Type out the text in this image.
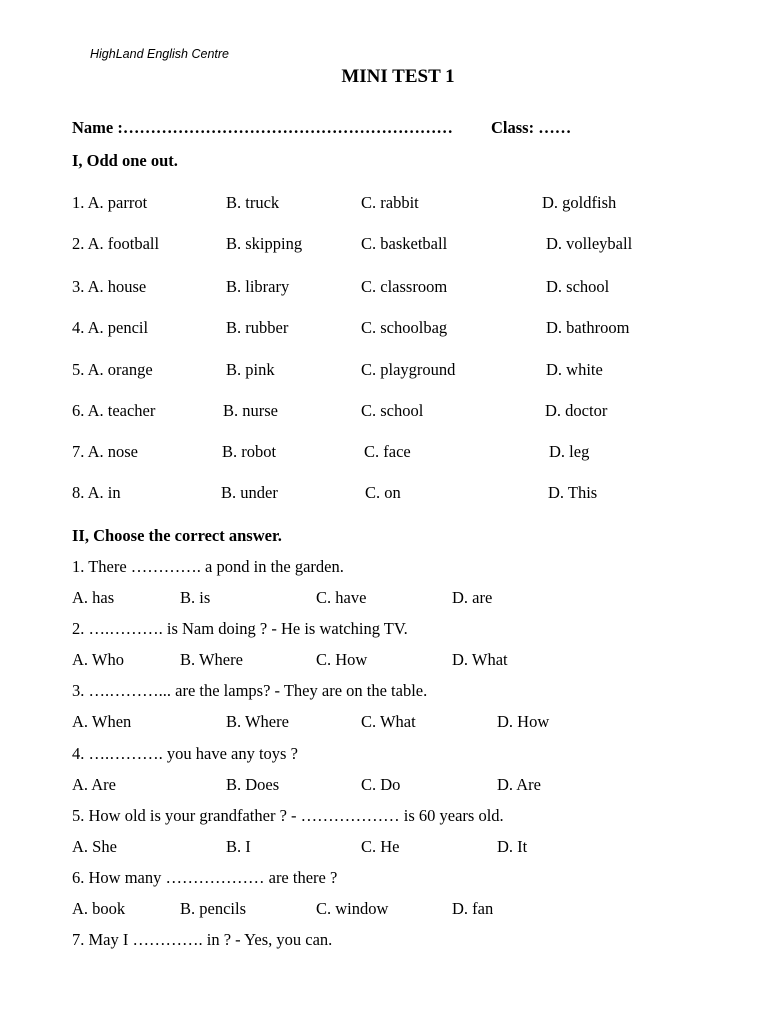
HighLand English Centre
MINI TEST 1
Name :…………………………………………………… Class: ……
I, Odd one out.
1. A. parrot	B. truck	C. rabbit	D. goldfish
2. A. football	B. skipping	C. basketball	D. volleyball
3. A. house	B. library	C. classroom	D. school
4. A. pencil	B. rubber	C. schoolbag	D. bathroom
5. A. orange	B. pink	C. playground	D. white
6. A. teacher	B. nurse	C. school	D. doctor
7. A. nose	B. robot	C. face	D. leg
8. A. in	B. under	C. on	D. This
II, Choose the correct answer.
1. There …………. a pond in the garden.
A. has	B. is	C. have	D. are
2. ….………. is Nam doing ? - He is watching TV.
A. Who	B. Where	C. How	D. What
3. ….………... are the lamps? - They are on the table.
A. When	B. Where	C. What	D. How
4. ….………. you have any toys ?
A. Are	B. Does	C. Do	D. Are
5. How old is your grandfather ? - ……………… is 60 years old.
A. She	B. I	C. He	D. It
6. How many ……………… are there ?
A. book	B. pencils	C. window	D. fan
7. May I …………. in ? - Yes, you can.
